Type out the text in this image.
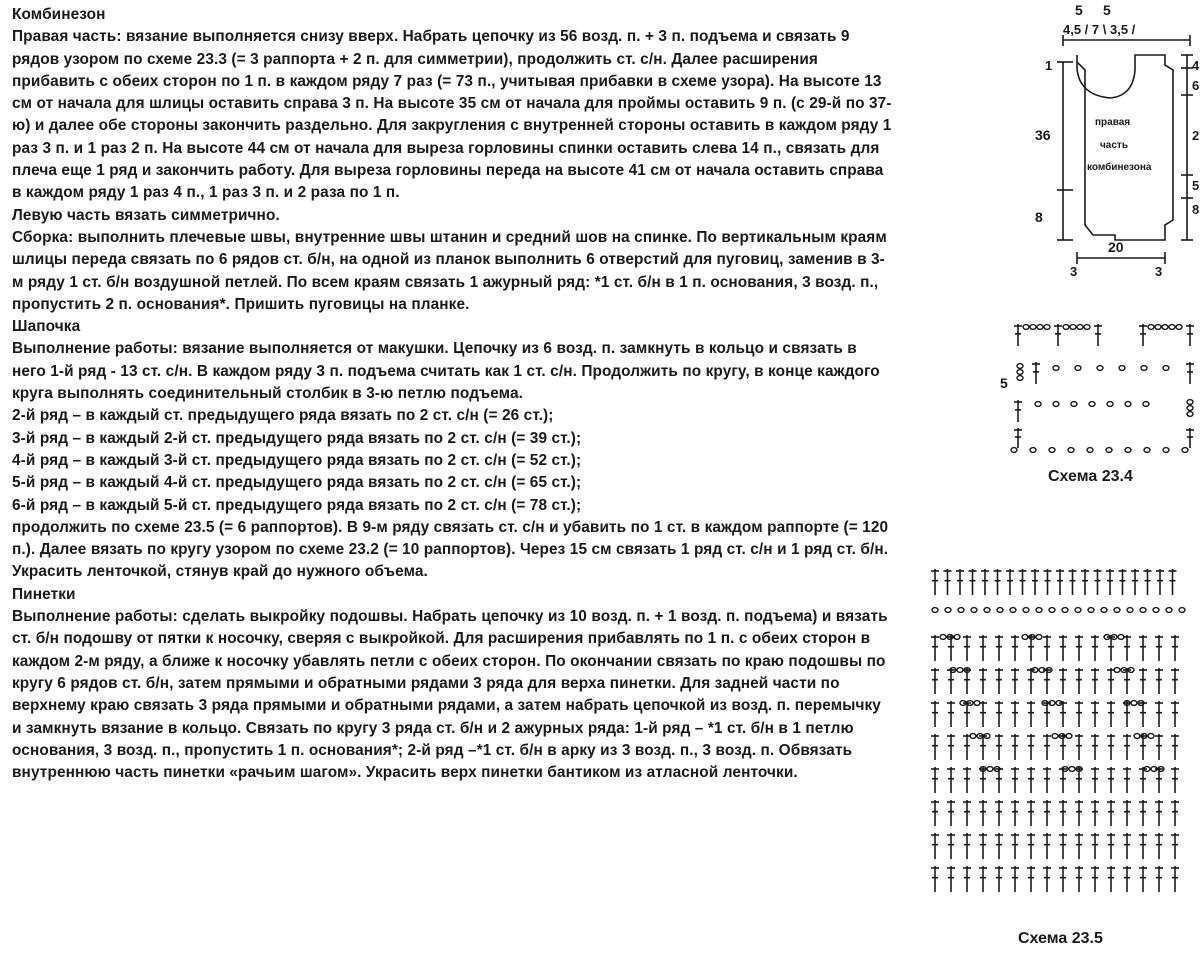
Комбинезон

Правая часть: вязание выполняется снизу вверх. Набрать цепочку из 56 возд. п. + 3 п. подъема и связать 9 рядов узором по схеме 23.3 (= 3 раппорта + 2 п. для симметрии), продолжить ст. с/н. Далее расширения прибавить с обеих сторон по 1 п. в каждом ряду 7 раз (= 73 п., учитывая прибавки в схеме узора). На высоте 13 см от начала для шлицы оставить справа 3 п. На высоте 35 см от начала для проймы оставить 9 п. (с 29-й по 37-ю) и далее обе стороны закончить раздельно. Для закругления с внутренней стороны оставить в каждом ряду 1 раз 3 п. и 1 раз 2 п. На высоте 44 см от начала для выреза горловины спинки оставить слева 14 п., связать для плеча еще 1 ряд и закончить работу. Для выреза горловины переда на высоте 41 см от начала оставить справа в каждом ряду 1 раз 4 п., 1 раз 3 п. и 2 раза по 1 п.

Левую часть вязать симметрично.

Сборка: выполнить плечевые швы, внутренние швы штанин и средний шов на спинке. По вертикальным краям шлицы переда связать по 6 рядов ст. б/н, на одной из планок выполнить 6 отверстий для пуговиц, заменив в 3-м ряду 1 ст. б/н воздушной петлей. По всем краям связать 1 ажурный ряд: *1 ст. б/н в 1 п. основания, 3 возд. п., пропустить 2 п. основания*. Пришить пуговицы на планке.

Шапочка

Выполнение работы: вязание выполняется от макушки. Цепочку из 6 возд. п. замкнуть в кольцо и связать в него 1-й ряд - 13 ст. с/н. В каждом ряду 3 п. подъема считать как 1 ст. с/н. Продолжить по кругу, в конце каждого круга выполнять соединительный столбик в 3-ю петлю подъема.

2-й ряд – в каждый ст. предыдущего ряда вязать по 2 ст. с/н (= 26 ст.);

3-й ряд – в каждый 2-й ст. предыдущего ряда вязать по 2 ст. с/н (= 39 ст.);

4-й ряд – в каждый 3-й ст. предыдущего ряда вязать по 2 ст. с/н (= 52 ст.);

5-й ряд – в каждый 4-й ст. предыдущего ряда вязать по 2 ст. с/н (= 65 ст.);

6-й ряд – в каждый 5-й ст. предыдущего ряда вязать по 2 ст. с/н (= 78 ст.);

продолжить по схеме 23.5 (= 6 раппортов). В 9-м ряду связать ст. с/н и убавить по 1 ст. в каждом раппорте (= 120 п.). Далее вязать по кругу узором по схеме 23.2 (= 10 раппортов). Через 15 см связать 1 ряд ст. с/н и 1 ряд ст. б/н. Украсить ленточкой, стянув край до нужного объема.

Пинетки

Выполнение работы: сделать выкройку подошвы. Набрать цепочку из 10 возд. п. + 1 возд. п. подъема) и вязать ст. б/н подошву от пятки к носочку, сверяя с выкройкой. Для расширения прибавлять по 1 п. с обеих сторон в каждом 2-м ряду, а ближе к носочку убавлять петли с обеих сторон. По окончании связать по краю подошвы по кругу 6 рядов ст. б/н, затем прямыми и обратными рядами 3 ряда для верха пинетки. Для задней части по верхнему краю связать 3 ряда прямыми и обратными рядами, а затем набрать цепочкой из возд. п. перемычку и замкнуть вязание в кольцо. Связать по кругу 3 ряда ст. б/н и 2 ажурных ряда: 1-й ряд – *1 ст. б/н в 1 петлю основания, 3 возд. п., пропустить 1 п. основания*; 2-й ряд –*1 ст. б/н в арку из 3 возд. п., 3 возд. п. Обвязать внутреннюю часть пинетки «рачьим шагом». Украсить верх пинетки бантиком из атласной ленточки.

5 5
4,5 / 7 \ 3,5 /
1
36
8
4
6
2
5
8
20
3	3
правая
часть
комбинезона
5
Схема 23.4
Схема 23.5
